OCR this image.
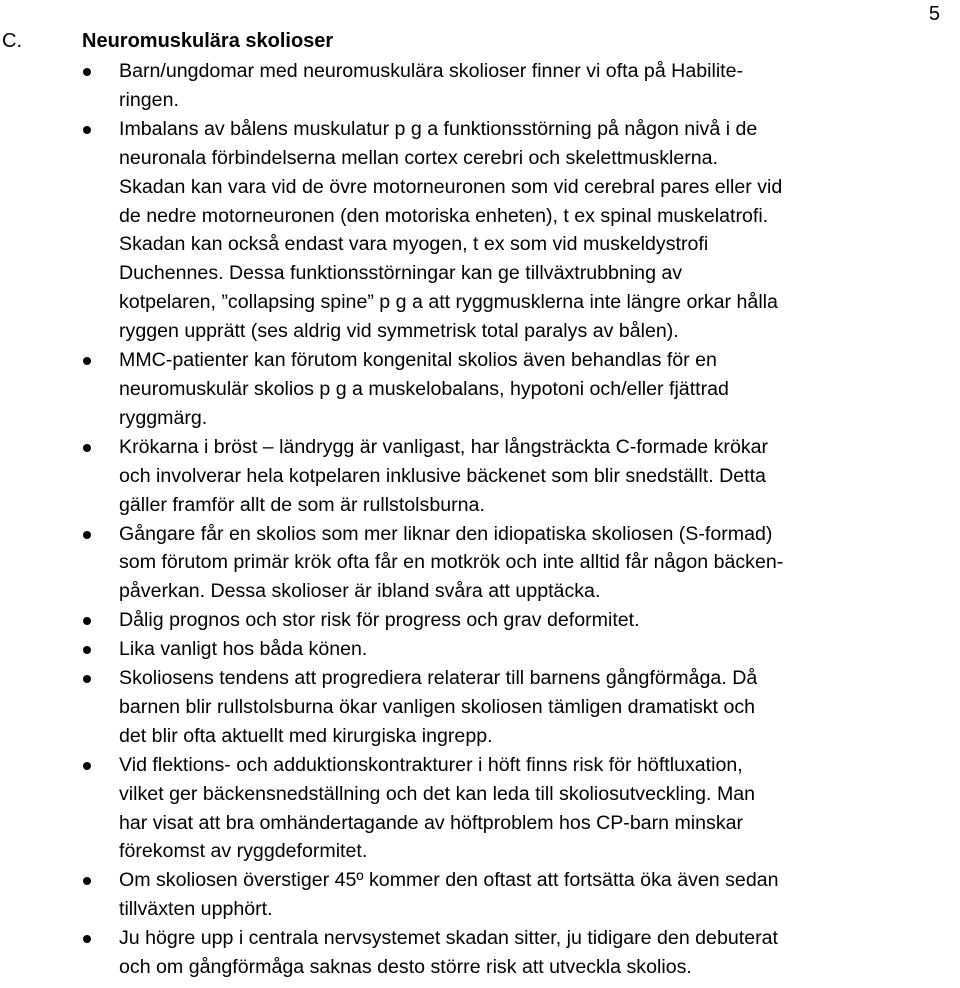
5
C.	Neuromuskulära skolioser
Barn/ungdomar med neuromuskulära skolioser finner vi ofta på Habilite-
ringen.
Imbalans av bålens muskulatur p g a funktionsstörning på någon nivå i de
neuronala förbindelserna mellan cortex cerebri och skelettmusklerna.
Skadan kan vara vid de övre motorneuronen som vid cerebral pares eller vid
de nedre motorneuronen (den motoriska enheten), t ex spinal muskelatrofi.
Skadan kan också endast vara myogen, t ex som vid muskeldystrofi
Duchennes. Dessa funktionsstörningar kan ge tillväxtrubbning av
kotpelaren, ”collapsing spine” p g a att ryggmusklerna inte längre orkar hålla
ryggen upprätt (ses aldrig vid symmetrisk total paralys av bålen).
MMC-patienter kan förutom kongenital skolios även behandlas för en
neuromuskulär skolios p g a muskelobalans, hypotoni och/eller fjättrad
ryggmärg.
Krökarna i bröst – ländrygg är vanligast, har långsträckta C-formade krökar
och involverar hela kotpelaren inklusive bäckenet som blir snedställt. Detta
gäller framför allt de som är rullstolsburna.
Gångare får en skolios som mer liknar den idiopatiska skoliosen (S-formad)
som förutom primär krök ofta får en motkrök och inte alltid får någon bäcken-
påverkan. Dessa skolioser är ibland svåra att upptäcka.
Dålig prognos och stor risk för progress och grav deformitet.
Lika vanligt hos båda könen.
Skoliosens tendens att progrediera relaterar till barnens gångförmåga. Då
barnen blir rullstolsburna ökar vanligen skoliosen tämligen dramatiskt och
det blir ofta aktuellt med kirurgiska ingrepp.
Vid flektions- och adduktionskontrakturer i höft finns risk för höftluxation,
vilket ger bäckensnedställning och det kan leda till skoliosutveckling. Man
har visat att bra omhändertagande av höftproblem hos CP-barn minskar
förekomst av ryggdeformitet.
Om skoliosen överstiger 45º kommer den oftast att fortsätta öka även sedan
tillväxten upphört.
Ju högre upp i centrala nervsystemet skadan sitter, ju tidigare den debuterat
och om gångförmåga saknas desto större risk att utveckla skolios.
